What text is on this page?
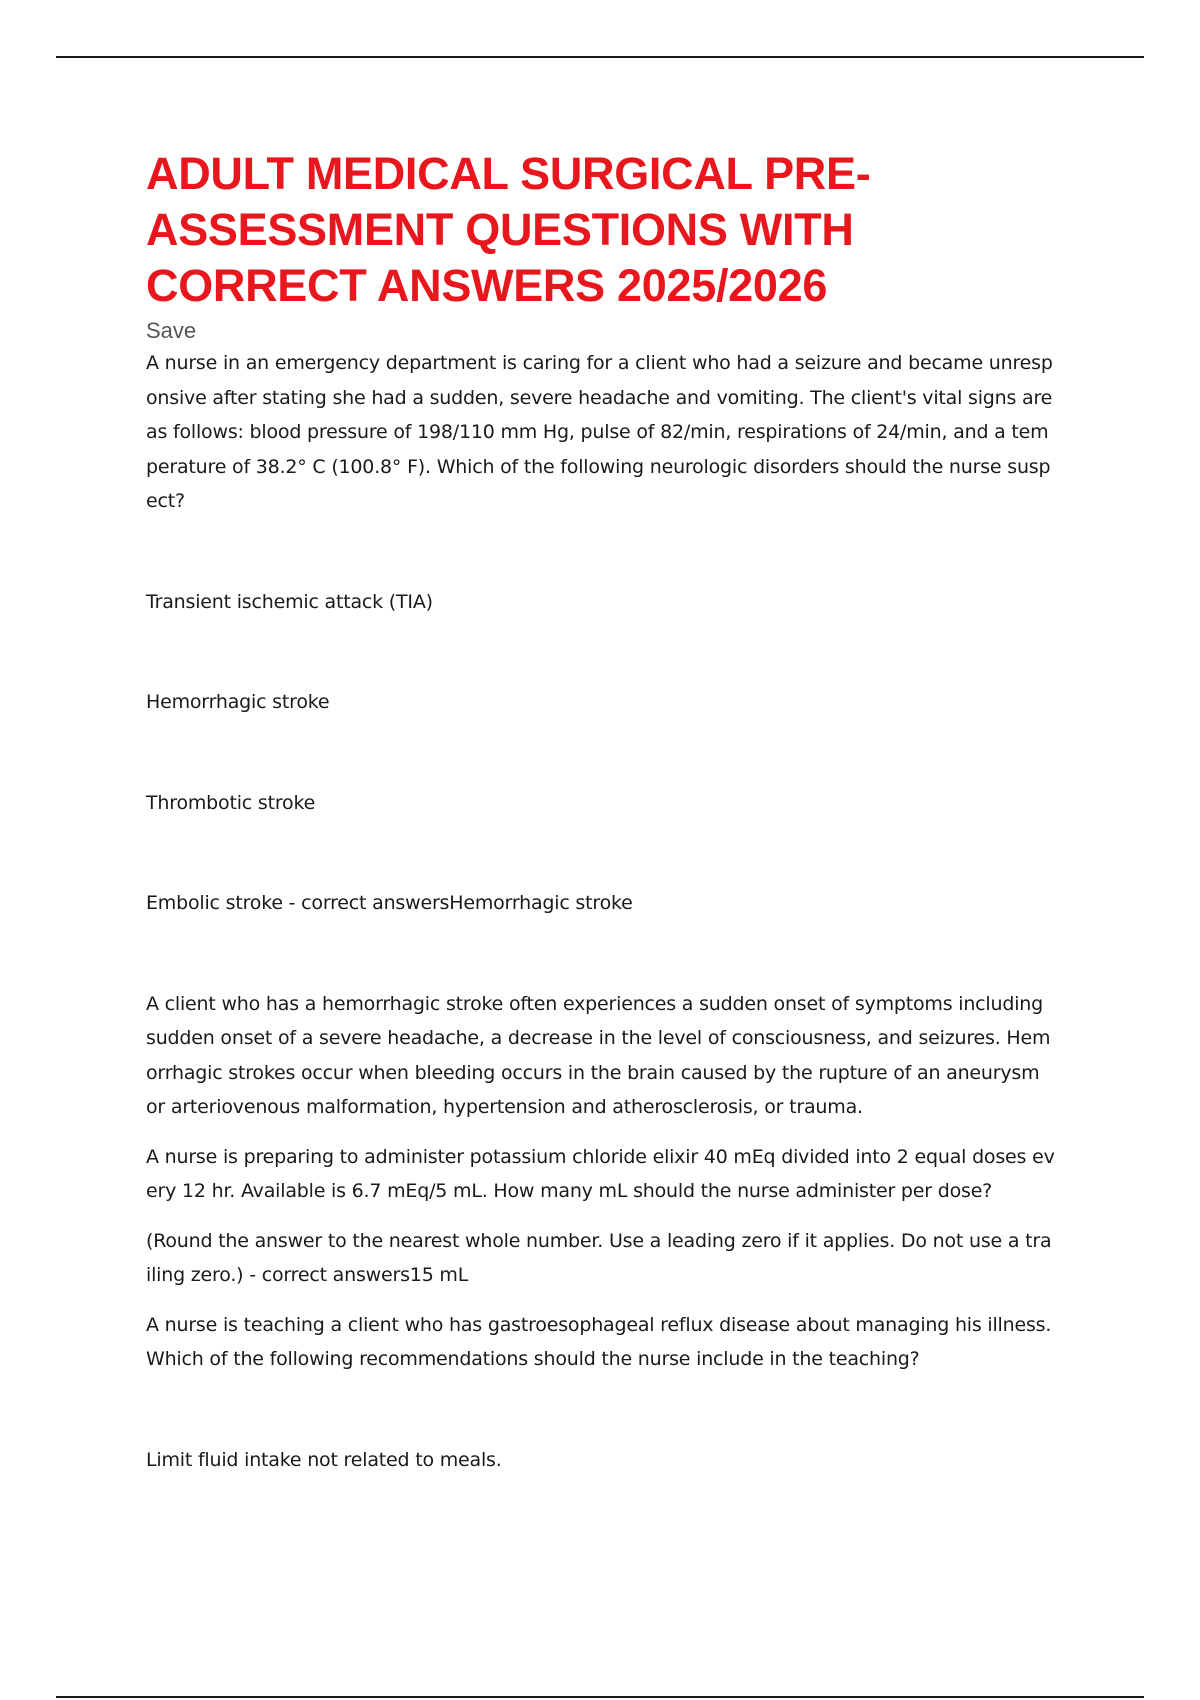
ADULT MEDICAL SURGICAL PRE-ASSESSMENT QUESTIONS WITH CORRECT ANSWERS 2025/2026
Save

A nurse in an emergency department is caring for a client who had a seizure and became unresponsive after stating she had a sudden, severe headache and vomiting. The client's vital signs are as follows: blood pressure of 198/110 mm Hg, pulse of 82/min, respirations of 24/min, and a temperature of 38.2° C (100.8° F). Which of the following neurologic disorders should the nurse suspect?

Transient ischemic attack (TIA)

Hemorrhagic stroke

Thrombotic stroke

Embolic stroke - correct answersHemorrhagic stroke

A client who has a hemorrhagic stroke often experiences a sudden onset of symptoms including sudden onset of a severe headache, a decrease in the level of consciousness, and seizures. Hemorrhagic strokes occur when bleeding occurs in the brain caused by the rupture of an aneurysm or arteriovenous malformation, hypertension and atherosclerosis, or trauma.

A nurse is preparing to administer potassium chloride elixir 40 mEq divided into 2 equal doses every 12 hr. Available is 6.7 mEq/5 mL. How many mL should the nurse administer per dose?

(Round the answer to the nearest whole number. Use a leading zero if it applies. Do not use a trailing zero.) - correct answers15 mL

A nurse is teaching a client who has gastroesophageal reflux disease about managing his illness. Which of the following recommendations should the nurse include in the teaching?

Limit fluid intake not related to meals.
